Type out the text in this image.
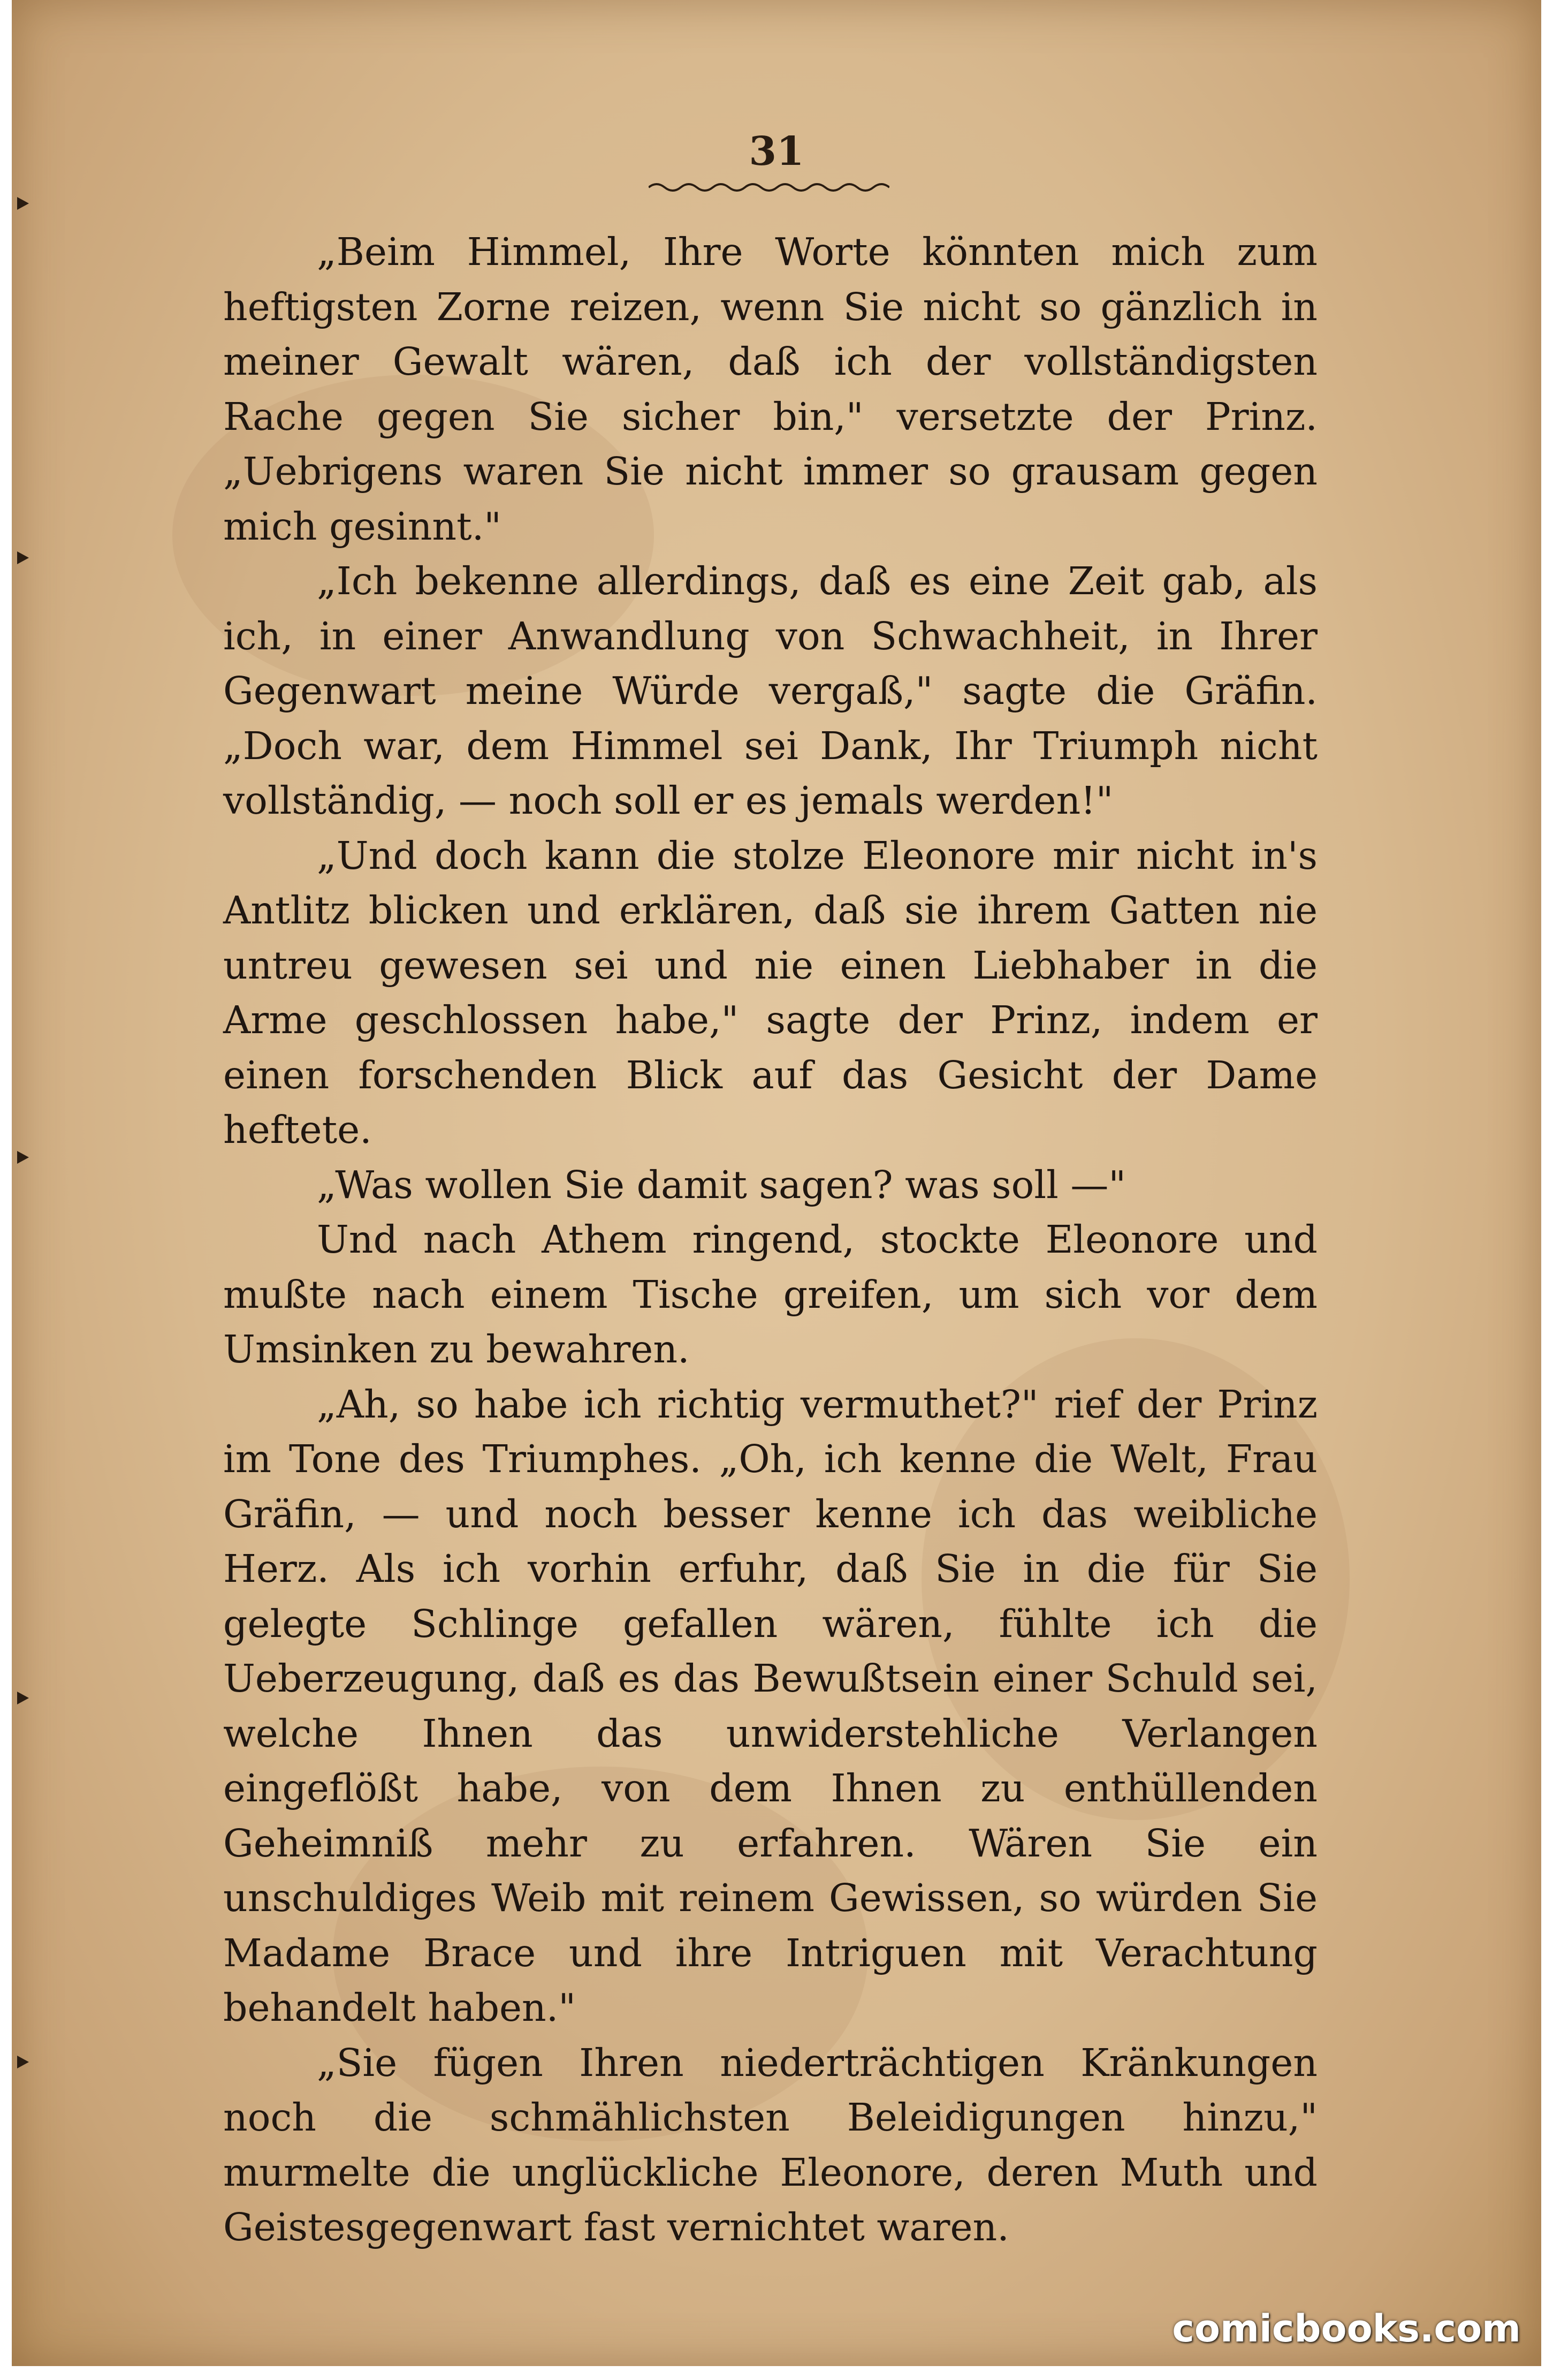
31

„Beim Himmel, Ihre Worte könnten mich zum heftigsten Zorne reizen, wenn Sie nicht so gänzlich in meiner Gewalt wären, daß ich der vollständigsten Rache gegen Sie sicher bin," versetzte der Prinz. „Uebrigens waren Sie nicht immer so grausam gegen mich gesinnt."

„Ich bekenne allerdings, daß es eine Zeit gab, als ich, in einer Anwandlung von Schwachheit, in Ihrer Gegenwart meine Würde vergaß," sagte die Gräfin. „Doch war, dem Himmel sei Dank, Ihr Triumph nicht vollständig, — noch soll er es jemals werden!"

„Und doch kann die stolze Eleonore mir nicht in's Antlitz blicken und erklären, daß sie ihrem Gatten nie untreu gewesen sei und nie einen Liebhaber in die Arme geschlossen habe," sagte der Prinz, indem er einen forschenden Blick auf das Gesicht der Dame heftete.

„Was wollen Sie damit sagen? was soll —"

Und nach Athem ringend, stockte Eleonore und mußte nach einem Tische greifen, um sich vor dem Umsinken zu bewahren.

„Ah, so habe ich richtig vermuthet?" rief der Prinz im Tone des Triumphes. „Oh, ich kenne die Welt, Frau Gräfin, — und noch besser kenne ich das weibliche Herz. Als ich vorhin erfuhr, daß Sie in die für Sie gelegte Schlinge gefallen wären, fühlte ich die Ueberzeugung, daß es das Bewußtsein einer Schuld sei, welche Ihnen das unwiderstehliche Verlangen eingeflößt habe, von dem Ihnen zu enthüllenden Geheimniß mehr zu erfahren. Wären Sie ein unschuldiges Weib mit reinem Gewissen, so würden Sie Madame Brace und ihre Intriguen mit Verachtung behandelt haben."

„Sie fügen Ihren niederträchtigen Kränkungen noch die schmählichsten Beleidigungen hinzu," murmelte die unglückliche Eleonore, deren Muth und Geistesgegenwart fast vernichtet waren.

comicbooks.com
